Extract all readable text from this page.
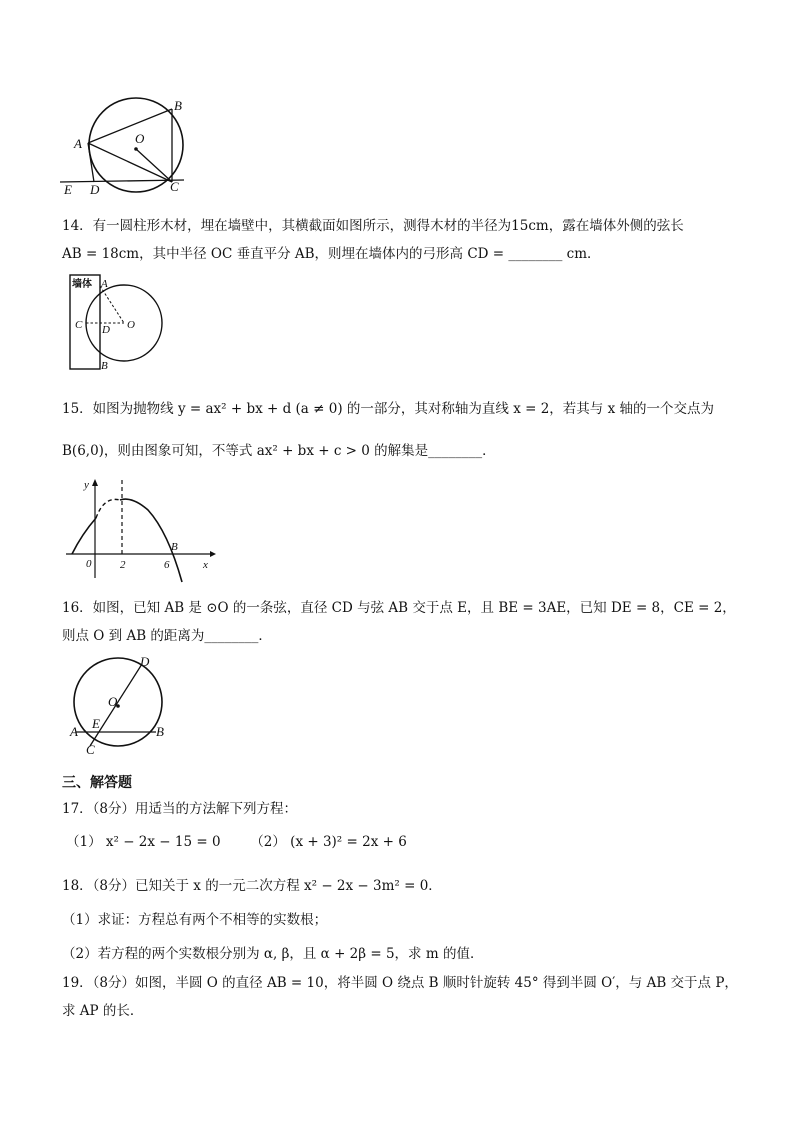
A
B
O
E D	C

14．有一圆柱形木材，埋在墙壁中，其横截面如图所示，测得木材的半径为15cm，露在墙体外侧的弦长

AB = 18cm，其中半径 OC 垂直平分 AB，则埋在墙体内的弓形高 CD = ________ cm．

墙体 A
C D O
B

15．如图为抛物线 y = ax² + bx + d (a ≠ 0) 的一部分，其对称轴为直线 x = 2，若其与 x 轴的一个交点为

B(6,0)，则由图象可知，不等式 ax² + bx + c > 0 的解集是________．

y
0	2	6
B
x

16．如图，已知 AB 是 ⊙O 的一条弦，直径 CD 与弦 AB 交于点 E，且 BE = 3AE，已知 DE = 8，CE = 2，

则点 O 到 AB 的距离为________．

D
O
E
A
C
B
三、解答题
17．（8分）用适当的方法解下列方程：
（1） x² − 2x − 15 = 0 （2） (x + 3)² = 2x + 6

18．（8分）已知关于 x 的一元二次方程 x² − 2x − 3m² = 0．

（1）求证：方程总有两个不相等的实数根；

（2）若方程的两个实数根分别为 α, β，且 α + 2β = 5，求 m 的值．

19．（8分）如图，半圆 O 的直径 AB = 10，将半圆 O 绕点 B 顺时针旋转 45° 得到半圆 O′，与 AB 交于点 P，

求 AP 的长．
